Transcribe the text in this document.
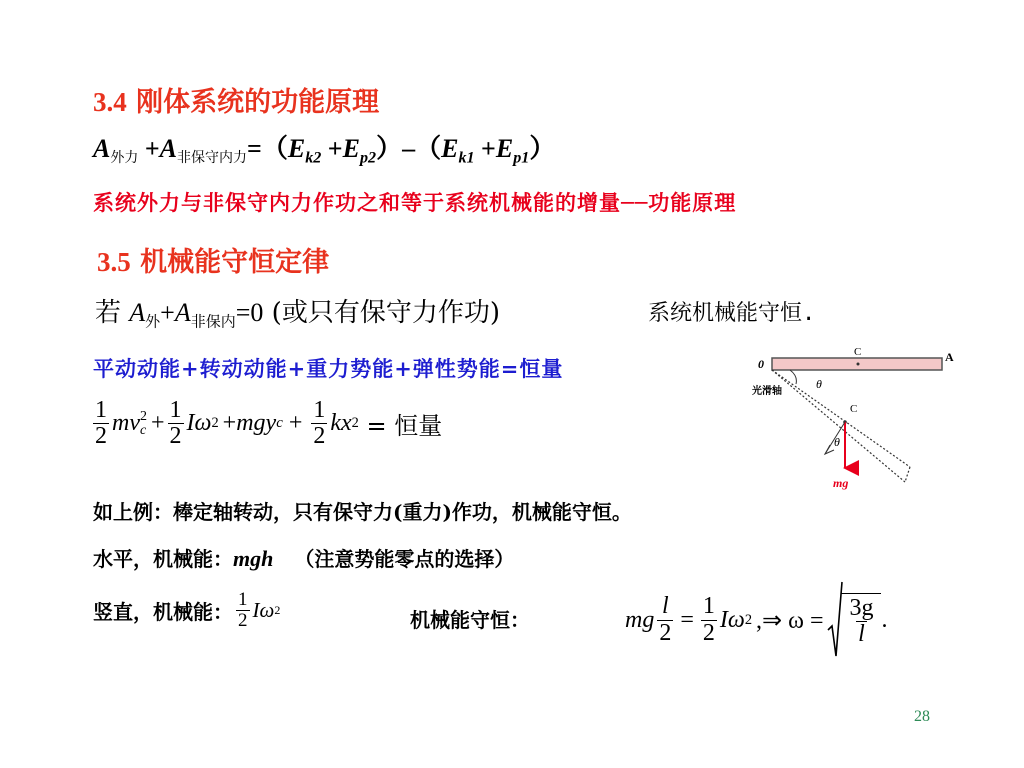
3.4 刚体系统的功能原理
$A_{外力} +A_{非保守内力}=(E_{k2} +E_{p2})-(E_{k1} +E_{p1})$
系统外力与非保守内力作功之和等于系统机械能的增量──功能原理
3.5 机械能守恒定律
若 $A_外+A_{非保内}=0$ (或只有保守力作功)	系统机械能守恒.
平动动能+转动动能+重力势能+弹性势能=恒量
$\frac{1}{2}$ mv 2
$c + \frac{1}{2}$ Iω 2 + mgy $c + \frac{1}{2}$ kx 2 = 恒量
0
C	A
光滑轴
θ
C
θ
mg
如上例：棒定轴转动，只有保守力(重力)作功，机械能守恒。
水平，机械能：mgh （注意势能零点的选择）
竖直，机械能： $\frac{1}{2}$ Iω 2	机械能守恒：	mg $\frac{l}{2} = \frac{1}{2}$ Iω 2 ,⇒ $\omega = \frac{3g}{l}$ .
28
